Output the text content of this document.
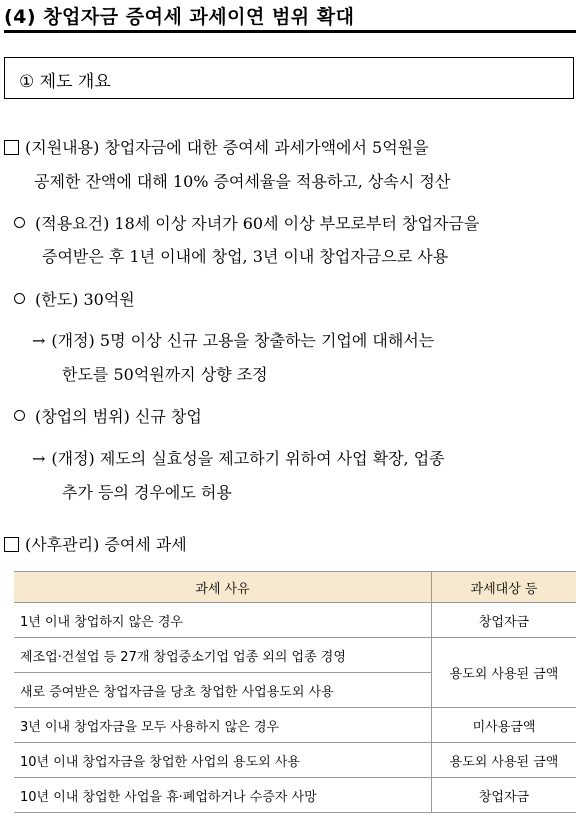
(4) 창업자금 증여세 과세이연 범위 확대
① 제도 개요
(지원내용) 창업자금에 대한 증여세 과세가액에서 5억원을
공제한 잔액에 대해 10% 증여세율을 적용하고, 상속시 정산
(적용요건) 18세 이상 자녀가 60세 이상 부모로부터 창업자금을
증여받은 후 1년 이내에 창업, 3년 이내 창업자금으로 사용
(한도) 30억원
→ (개정) 5명 이상 신규 고용을 창출하는 기업에 대해서는
한도를 50억원까지 상향 조정
(창업의 범위) 신규 창업
→ (개정) 제도의 실효성을 제고하기 위하여 사업 확장, 업종
추가 등의 경우에도 허용
(사후관리) 증여세 과세
과세 사유	과세대상 등
1년 이내 창업하지 않은 경우	창업자금
제조업·건설업 등 27개 창업중소기업 업종 외의 업종 경영	용도외 사용된 금액
새로 증여받은 창업자금을 당초 창업한 사업용도외 사용	
3년 이내 창업자금을 모두 사용하지 않은 경우	미사용금액
10년 이내 창업자금을 창업한 사업의 용도외 사용	용도외 사용된 금액
10년 이내 창업한 사업을 휴·폐업하거나 수증자 사망	창업자금
